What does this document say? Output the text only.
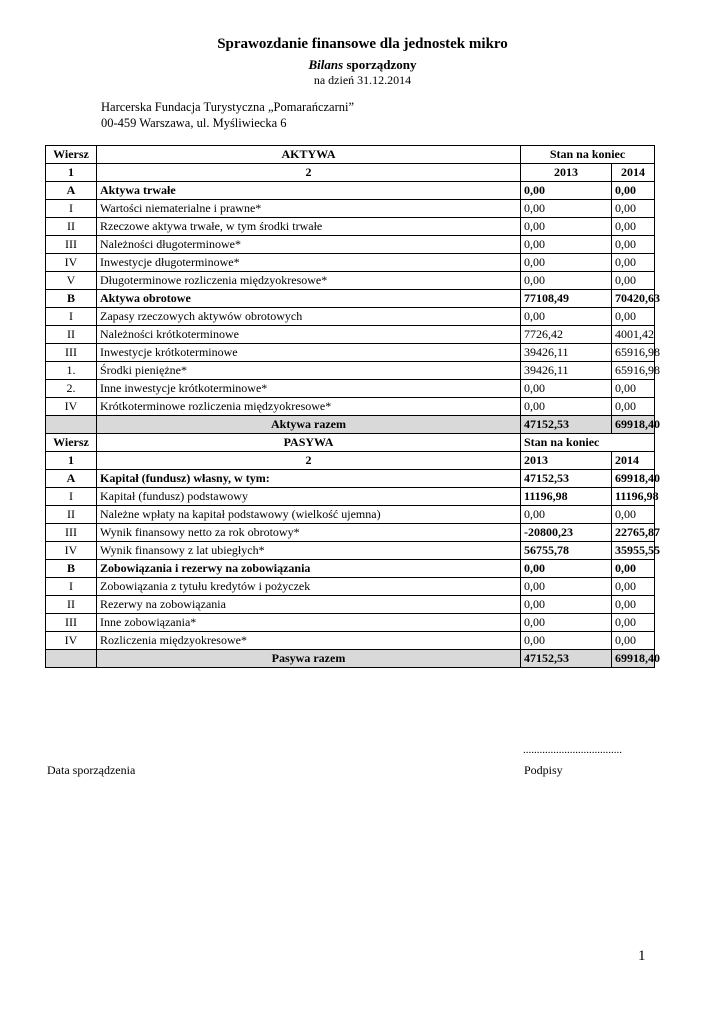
Sprawozdanie finansowe dla jednostek mikro
Bilans sporządzony
na dzień 31.12.2014
Harcerska Fundacja Turystyczna „Pomarańczarni”
00-459 Warszawa, ul. Myśliwiecka 6
Wiersz	AKTYWA	Stan na koniec	
1	2	2013	2014
A	Aktywa trwałe	0,00	0,00
I	Wartości niematerialne i prawne*	0,00	0,00
II	Rzeczowe aktywa trwałe, w tym środki trwałe	0,00	0,00
III	Należności długoterminowe*	0,00	0,00
IV	Inwestycje długoterminowe*	0,00	0,00
V	Długoterminowe rozliczenia międzyokresowe*	0,00	0,00
B	Aktywa obrotowe	77108,49	70420,63
I	Zapasy rzeczowych aktywów obrotowych	0,00	0,00
II	Należności krótkoterminowe	7726,42	4001,42
III	Inwestycje krótkoterminowe	39426,11	65916,98
1.	Środki pieniężne*	39426,11	65916,98
2.	Inne inwestycje krótkoterminowe*	0,00	0,00
IV	Krótkoterminowe rozliczenia międzyokresowe*	0,00	0,00
	Aktywa razem	47152,53	69918,40
Wiersz	PASYWA	Stan na koniec	
1	2	2013	2014
A	Kapitał (fundusz) własny, w tym:	47152,53	69918,40
I	Kapitał (fundusz) podstawowy	11196,98	11196,98
II	Należne wpłaty na kapitał podstawowy (wielkość ujemna)	0,00	0,00
III	Wynik finansowy netto za rok obrotowy*	-20800,23	22765,87
IV	Wynik finansowy z lat ubiegłych*	56755,78	35955,55
B	Zobowiązania i rezerwy na zobowiązania	0,00	0,00
I	Zobowiązania z tytułu kredytów i pożyczek	0,00	0,00
II	Rezerwy na zobowiązania	0,00	0,00
III	Inne zobowiązania*	0,00	0,00
IV	Rozliczenia międzyokresowe*	0,00	0,00
	Pasywa razem	47152,53	69918,40
....................................
Data sporządzenia	Podpisy
1
